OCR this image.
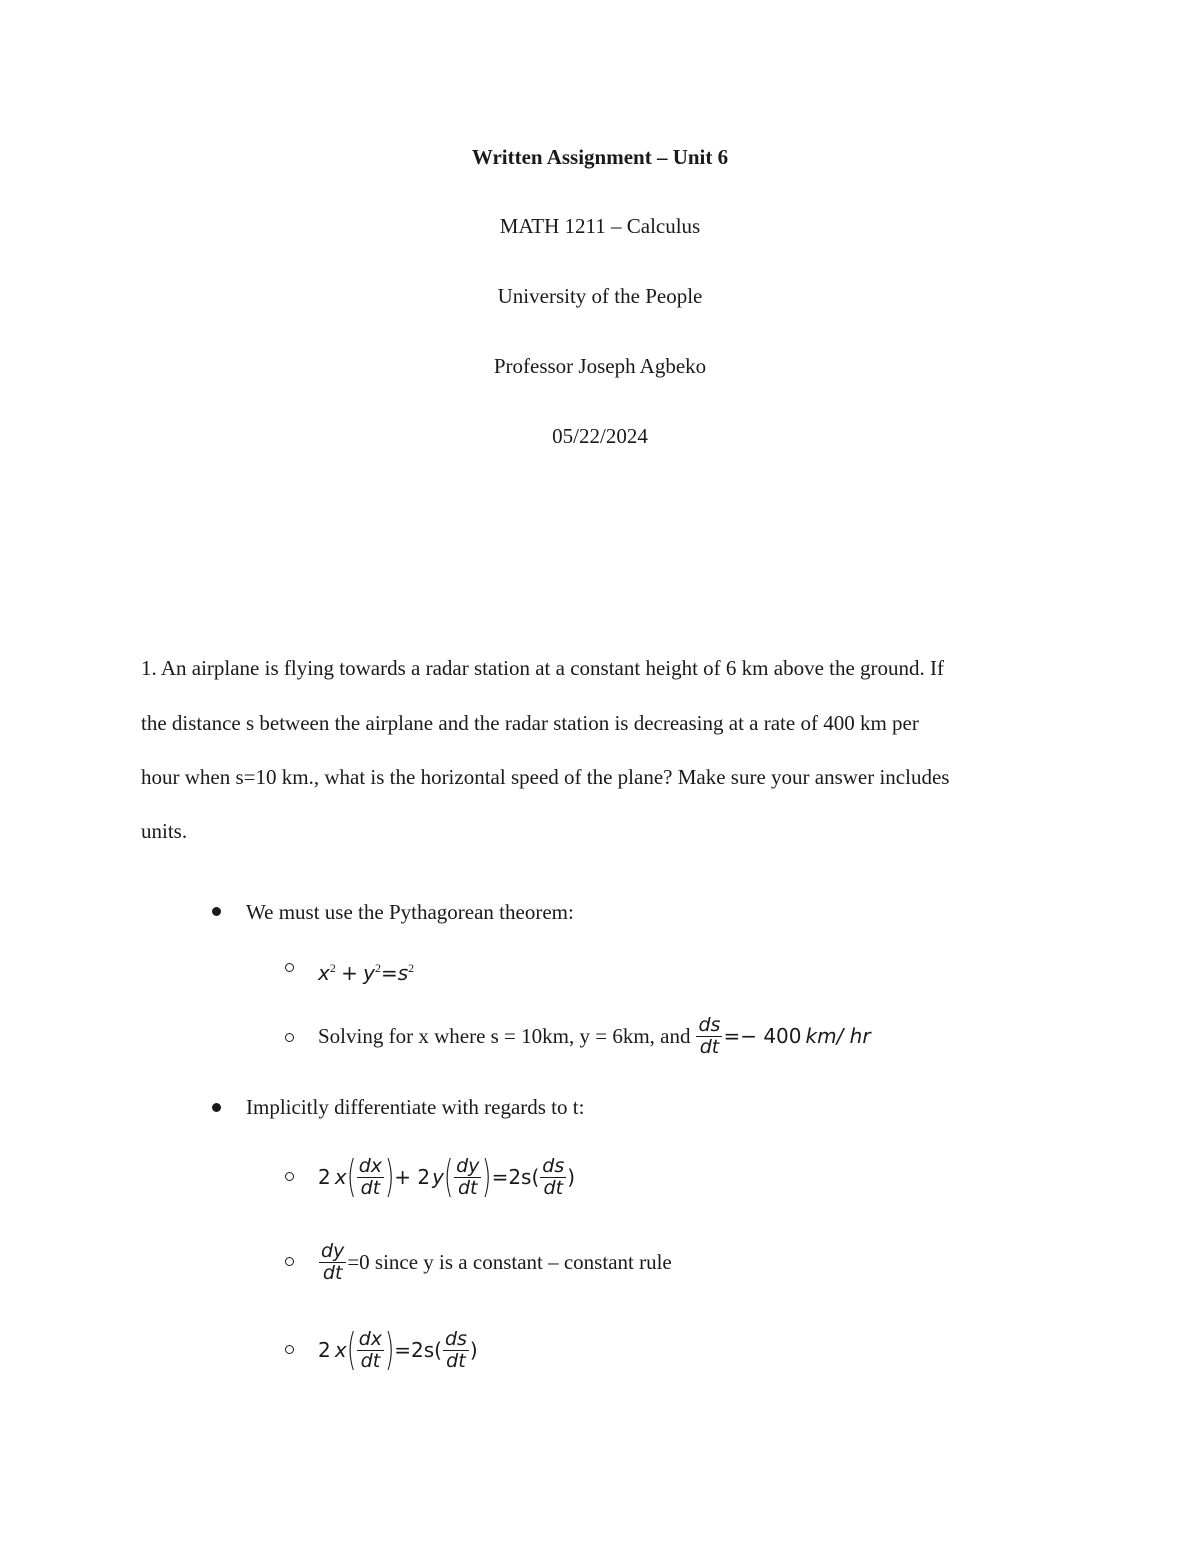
Written Assignment – Unit 6
MATH 1211 – Calculus
University of the People
Professor Joseph Agbeko
05/22/2024
1. An airplane is flying towards a radar station at a constant height of 6 km above the ground. If
the distance s between the airplane and the radar station is decreasing at a rate of 400 km per
hour when s=10 km., what is the horizontal speed of the plane? Make sure your answer includes
units.
We must use the Pythagorean theorem:
$x^2 + y^2=s^2$
Solving for x where s = 10km, y = 6km, and $\frac{ds}{dt} =- 400$ km/ hr
Implicitly differentiate with regards to t:
2 x ( $\frac{dx}{dt}$ ) + 2 y ( $\frac{dy}{dt}$ ) $=2s( \frac{ds}{dt}$ )
$\frac{dy}{dt} =0$ since y is a constant – constant rule
2 x ( $\frac{dx}{dt}$ ) $=2s( \frac{ds}{dt}$ )
